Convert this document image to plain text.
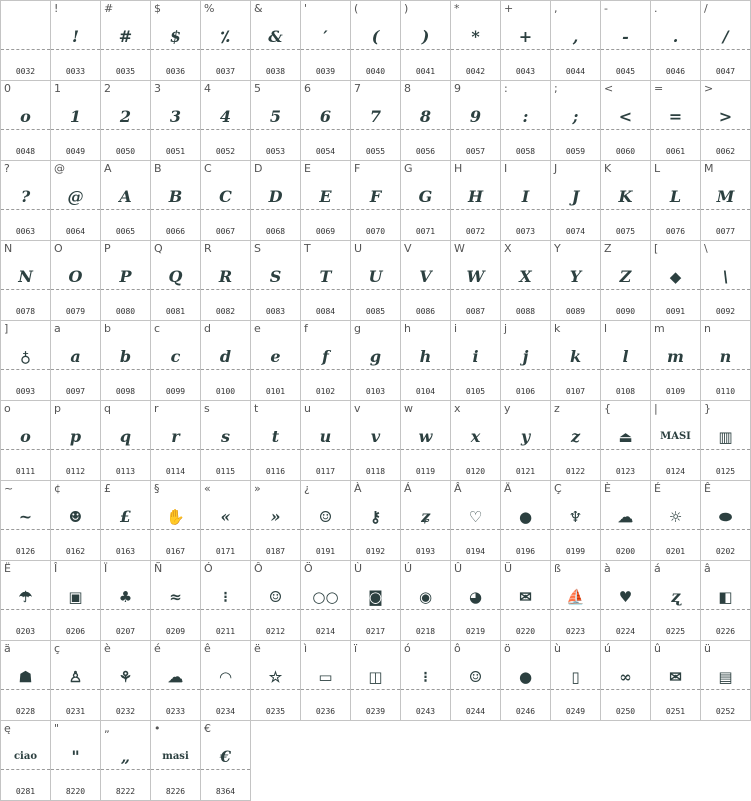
0032
!
!
0033
#
#
0035
$
$
0036
%
⁒
0037
&
&
0038
'
′
0039
(
(
0040
)
)
0041
*
*
0042
+
+
0043
,
,
0044
-
-
0045
.
.
0046
/
/
0047
0
o
0048
1
1
0049
2
2
0050
3
3
0051
4
4
0052
5
5
0053
6
6
0054
7
7
0055
8
8
0056
9
9
0057
:
:
0058
;
;
0059
<
<
0060
=
=
0061
>
>
0062
?
?
0063
@
@
0064
A
A
0065
B
B
0066
C
C
0067
D
D
0068
E
E
0069
F
F
0070
G
G
0071
H
H
0072
I
I
0073
J
J
0074
K
K
0075
L
L
0076
M
M
0077
N
N
0078
O
O
0079
P
P
0080
Q
Q
0081
R
R
0082
S
S
0083
T
T
0084
U
U
0085
V
V
0086
W
W
0087
X
X
0088
Y
Y
0089
Z
Z
0090
[
◆
0091
\
\
0092
]
♁
0093
a
a
0097
b
b
0098
c
c
0099
d
d
0100
e
e
0101
f
f
0102
g
g
0103
h
h
0104
i
i
0105
j
j
0106
k
k
0107
l
l
0108
m
m
0109
n
n
0110
o
o
0111
p
p
0112
q
q
0113
r
r
0114
s
s
0115
t
t
0116
u
u
0117
v
v
0118
w
w
0119
x
x
0120
y
y
0121
z
z
0122
{
⏏
0123
|
MASI
0124
}
▥
0125
~
~
0126
¢
☻
0162
£
£
0163
§
✋
0167
«
«
0171
»
»
0187
¿
☺
0191
À
⚷
0192
Á
ʑ
0193
Â
♡
0194
Ä
●
0196
Ç
♆
0199
È
☁
0200
É
☼
0201
Ê
⬬
0202
Ë
☂
0203
Î
▣
0206
Ï
♣
0207
Ñ
≈
0209
Ó
⁝
0211
Ô
☺
0212
Ö
○○
0214
Ù
◙
0217
Ú
◉
0218
Û
◕
0219
Ü
✉
0220
ß
⛵
0223
à
♥
0224
á
ʐ
0225
â
◧
0226
ä
☗
0228
ç
♙
0231
è
⚘
0232
é
☁
0233
ê
◠
0234
ë
☆
0235
ì
▭
0236
ï
◫
0239
ó
⁝
0243
ô
☺
0244
ö
●
0246
ù
▯
0249
ú
∞
0250
û
✉
0251
ü
▤
0252
ę
ciao
0281
"
"
8220
„
„
8222
•
masi
8226
€
€
8364
